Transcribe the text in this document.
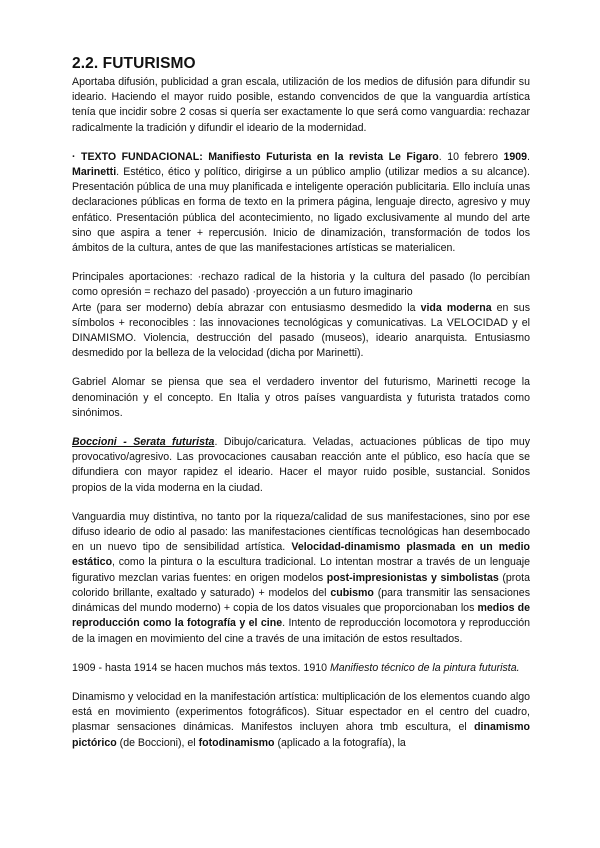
2.2. FUTURISMO

Aportaba difusión, publicidad a gran escala, utilización de los medios de difusión para difundir su ideario. Haciendo el mayor ruido posible, estando convencidos de que la vanguardia artística tenía que incidir sobre 2 cosas si quería ser exactamente lo que será como vanguardia: rechazar radicalmente la tradición y difundir el ideario de la modernidad.

· TEXTO FUNDACIONAL: Manifiesto Futurista en la revista Le Figaro. 10 febrero 1909. Marinetti. Estético, ético y político, dirigirse a un público amplio (utilizar medios a su alcance). Presentación pública de una muy planificada e inteligente operación publicitaria. Ello incluía unas declaraciones públicas en forma de texto en la primera página, lenguaje directo, agresivo y muy enfático. Presentación pública del acontecimiento, no ligado exclusivamente al mundo del arte sino que aspira a tener + repercusión. Inicio de dinamización, transformación de todos los ámbitos de la cultura, antes de que las manifestaciones artísticas se materialicen.

Principales aportaciones: ·rechazo radical de la historia y la cultura del pasado (lo percibían como opresión = rechazo del pasado) ·proyección a un futuro imaginario
Arte (para ser moderno) debía abrazar con entusiasmo desmedido la vida moderna en sus símbolos + reconocibles : las innovaciones tecnológicas y comunicativas. La VELOCIDAD y el DINAMISMO. Violencia, destrucción del pasado (museos), ideario anarquista. Entusiasmo desmedido por la belleza de la velocidad (dicha por Marinetti).

Gabriel Alomar se piensa que sea el verdadero inventor del futurismo, Marinetti recoge la denominación y el concepto. En Italia y otros países vanguardista y futurista tratados como sinónimos.

Boccioni - Serata futurista. Dibujo/caricatura. Veladas, actuaciones públicas de tipo muy provocativo/agresivo. Las provocaciones causaban reacción ante el público, eso hacía que se difundiera con mayor rapidez el ideario. Hacer el mayor ruido posible, sustancial. Sonidos propios de la vida moderna en la ciudad.

Vanguardia muy distintiva, no tanto por la riqueza/calidad de sus manifestaciones, sino por ese difuso ideario de odio al pasado: las manifestaciones científicas tecnológicas han desembocado en un nuevo tipo de sensibilidad artística. Velocidad-dinamismo plasmada en un medio estático, como la pintura o la escultura tradicional. Lo intentan mostrar a través de un lenguaje figurativo mezclan varias fuentes: en origen modelos post-impresionistas y simbolistas (prota colorido brillante, exaltado y saturado) + modelos del cubismo (para transmitir las sensaciones dinámicas del mundo moderno) + copia de los datos visuales que proporcionaban los medios de reproducción como la fotografía y el cine. Intento de reproducción locomotora y reproducción de la imagen en movimiento del cine a través de una imitación de estos resultados.

1909 - hasta 1914 se hacen muchos más textos. 1910 Manifiesto técnico de la pintura futurista.

Dinamismo y velocidad en la manifestación artística: multiplicación de los elementos cuando algo está en movimiento (experimentos fotográficos). Situar espectador en el centro del cuadro, plasmar sensaciones dinámicas. Manifestos incluyen ahora tmb escultura, el dinamismo pictórico (de Boccioni), el fotodinamismo (aplicado a la fotografía), la
